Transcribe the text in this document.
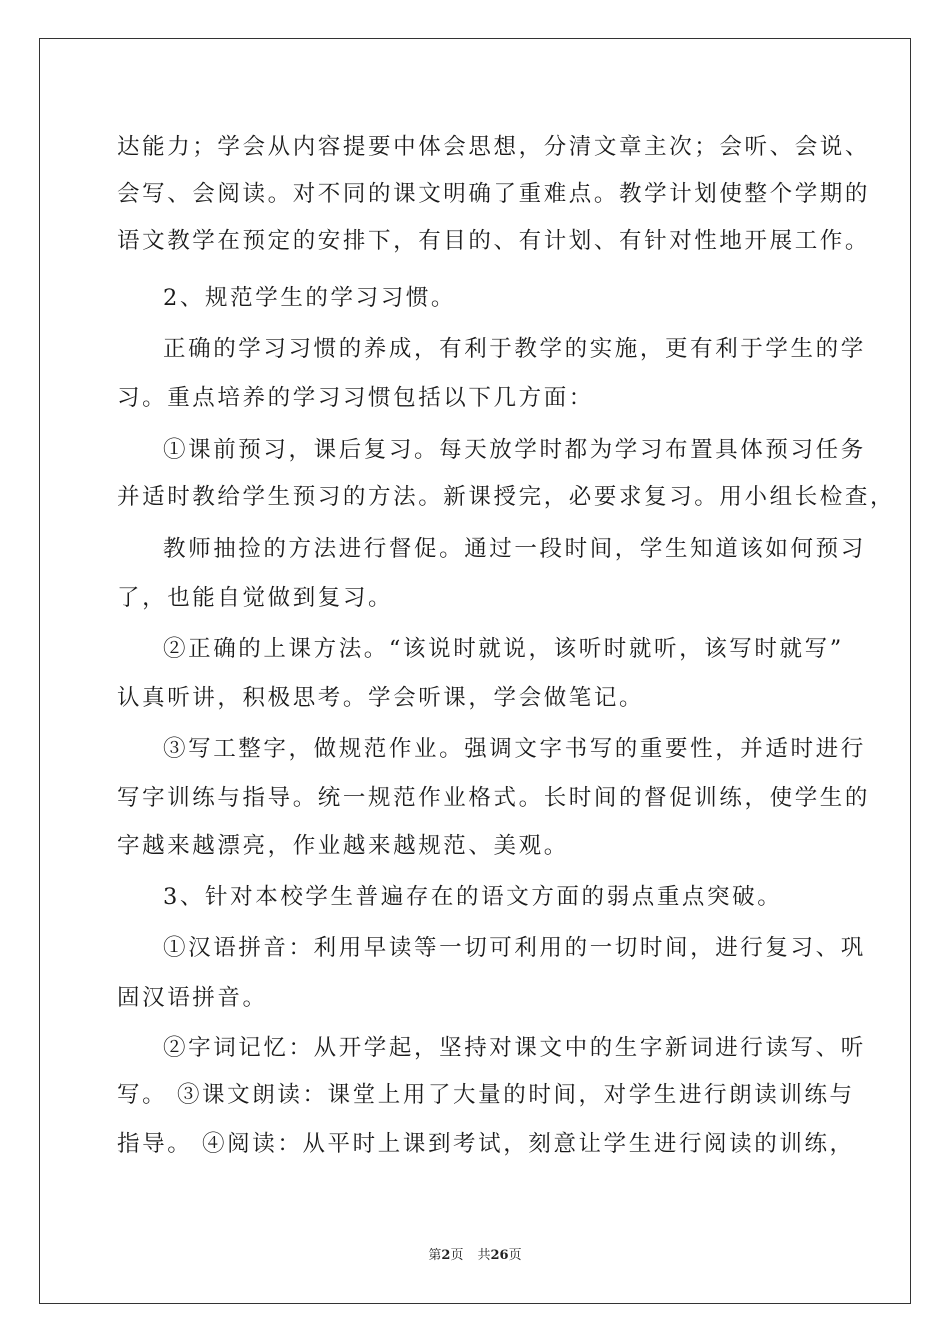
达能力；学会从内容提要中体会思想，分清文章主次；会听、会说、
会写、会阅读。对不同的课文明确了重难点。教学计划使整个学期的
语文教学在预定的安排下，有目的、有计划、有针对性地开展工作。
2、规范学生的学习习惯。
正确的学习习惯的养成，有利于教学的实施，更有利于学生的学
习。重点培养的学习习惯包括以下几方面：
①课前预习，课后复习。每天放学时都为学习布置具体预习任务
并适时教给学生预习的方法。新课授完，必要求复习。用小组长检查，
教师抽捡的方法进行督促。通过一段时间，学生知道该如何预习
了，也能自觉做到复习。
②正确的上课方法。“该说时就说，该听时就听，该写时就写”
认真听讲，积极思考。学会听课，学会做笔记。
③写工整字，做规范作业。强调文字书写的重要性，并适时进行
写字训练与指导。统一规范作业格式。长时间的督促训练，使学生的
字越来越漂亮，作业越来越规范、美观。
3、针对本校学生普遍存在的语文方面的弱点重点突破。
①汉语拼音：利用早读等一切可利用的一切时间，进行复习、巩
固汉语拼音。
②字词记忆：从开学起，坚持对课文中的生字新词进行读写、听
写。 ③课文朗读：课堂上用了大量的时间，对学生进行朗读训练与
指导。 ④阅读：从平时上课到考试，刻意让学生进行阅读的训练，
第2页 共26页
